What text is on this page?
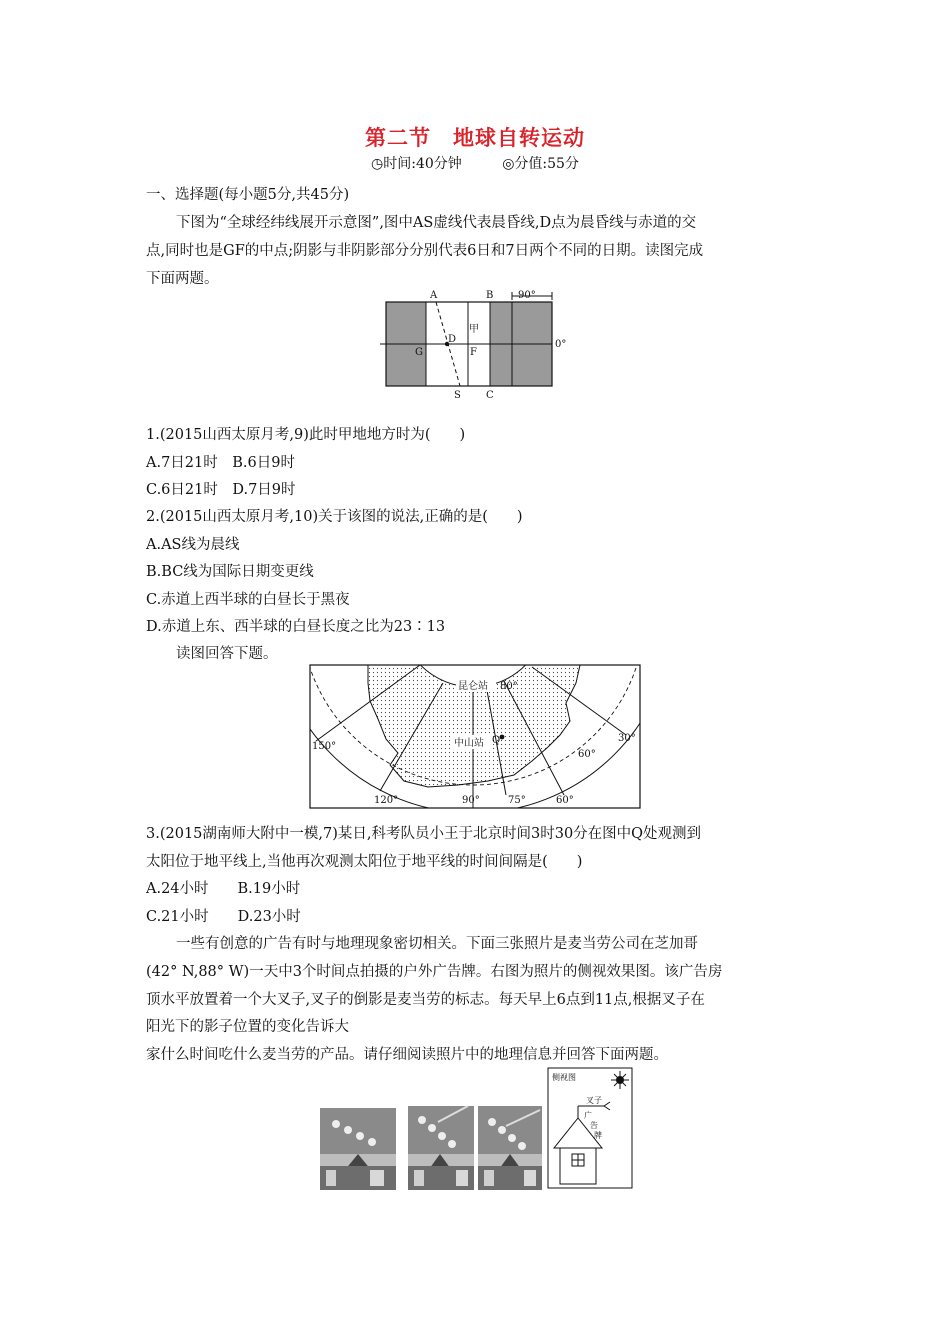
第二节　地球自转运动
◷时间:40分钟	◎分值:55分
一、选择题(每小题5分,共45分)
下图为“全球经纬线展开示意图”,图中AS虚线代表晨昏线,D点为晨昏线与赤道的交
点,同时也是GF的中点;阴影与非阴影部分分别代表6日和7日两个不同的日期。读图完成
下面两题。
A	B 90°
甲
D
G	F
0°
S	C
1.(2015山西太原月考,9)此时甲地地方时为(　　)
A.7日21时　B.6日9时
C.6日21时　D.7日9时
2.(2015山西太原月考,10)关于该图的说法,正确的是(　　)
A.AS线为晨线
B.BC线为国际日期变更线
C.赤道上西半球的白昼长于黑夜
D.赤道上东、西半球的白昼长度之比为23∶13
读图回答下题。
昆仑站 80°
中山站 Q
150°
30°
60°
120°	90°	75°	60°
3.(2015湖南师大附中一模,7)某日,科考队员小王于北京时间3时30分在图中Q处观测到
太阳位于地平线上,当他再次观测太阳位于地平线的时间间隔是(　　)
A.24小时　　B.19小时
C.21小时　　D.23小时
一些有创意的广告有时与地理现象密切相关。下面三张照片是麦当劳公司在芝加哥
(42° N,88° W)一天中3个时间点拍摄的户外广告牌。右图为照片的侧视效果图。该广告房
顶水平放置着一个大叉子,叉子的倒影是麦当劳的标志。每天早上6点到11点,根据叉子在
阳光下的影子位置的变化告诉大
家什么时间吃什么麦当劳的产品。请仔细阅读照片中的地理信息并回答下面两题。
侧视图
叉子
广
告
牌
